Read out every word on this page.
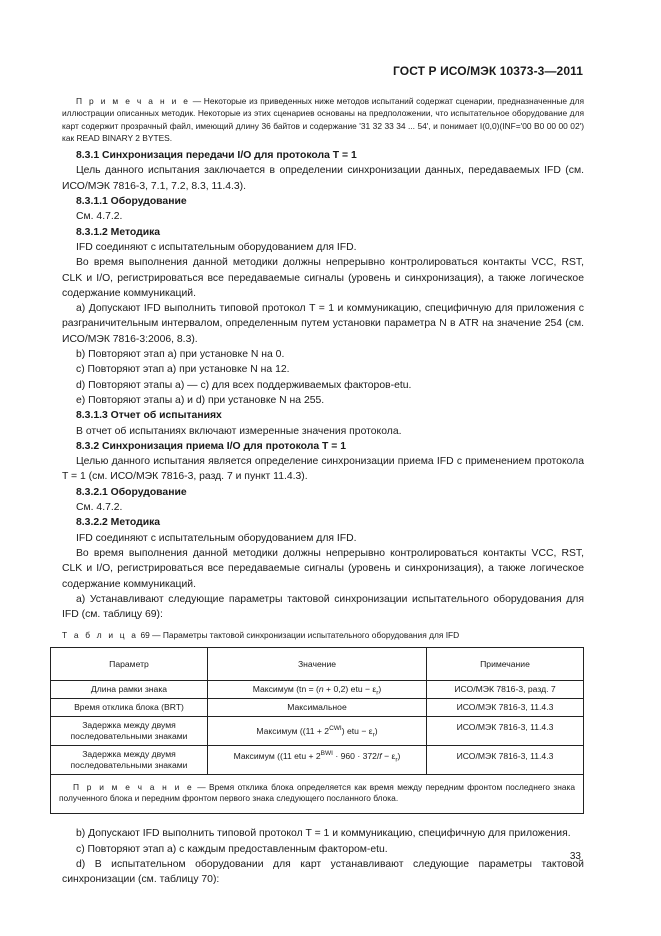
ГОСТ Р ИСО/МЭК 10373-3—2011

П р и м е ч а н и е — Некоторые из приведенных ниже методов испытаний содержат сценарии, предназначенные для иллюстрации описанных методик. Некоторые из этих сценариев основаны на предположении, что испытательное оборудование для карт содержит прозрачный файл, имеющий длину 36 байтов и содержание '31 32 33 34 ... 54', и понимает I(0,0)(INF='00 B0 00 00 02') как READ BINARY 2 BYTES.

8.3.1 Синхронизация передачи I/O для протокола T = 1

Цель данного испытания заключается в определении синхронизации данных, передаваемых IFD (см. ИСО/МЭК 7816-3, 7.1, 7.2, 8.3, 11.4.3).

8.3.1.1 Оборудование

См. 4.7.2.

8.3.1.2 Методика

IFD соединяют с испытательным оборудованием для IFD.

Во время выполнения данной методики должны непрерывно контролироваться контакты VCC, RST, CLK и I/O, регистрироваться все передаваемые сигналы (уровень и синхронизация), а также логическое содержание коммуникаций.

а) Допускают IFD выполнить типовой протокол T = 1 и коммуникацию, специфичную для приложения с разграничительным интервалом, определенным путем установки параметра N в ATR на значение 254 (см. ИСО/МЭК 7816-3:2006, 8.3).

b) Повторяют этап а) при установке N на 0.

c) Повторяют этап а) при установке N на 12.

d) Повторяют этапы а) — с) для всех поддерживаемых факторов-etu.

e) Повторяют этапы а) и d) при установке N на 255.

8.3.1.3 Отчет об испытаниях

В отчет об испытаниях включают измеренные значения протокола.

8.3.2 Синхронизация приема I/O для протокола T = 1

Целью данного испытания является определение синхронизации приема IFD с применением протокола T = 1 (см. ИСО/МЭК 7816-3, разд. 7 и пункт 11.4.3).

8.3.2.1 Оборудование

См. 4.7.2.

8.3.2.2 Методика

IFD соединяют с испытательным оборудованием для IFD.

Во время выполнения данной методики должны непрерывно контролироваться контакты VCC, RST, CLK и I/O, регистрироваться все передаваемые сигналы (уровень и синхронизация), а также логическое содержание коммуникаций.

а) Устанавливают следующие параметры тактовой синхронизации испытательного оборудования для IFD (см. таблицу 69):

Т а б л и ц а 69 — Параметры тактовой синхронизации испытательного оборудования для IFD

Параметр	Значение	Примечание
Длина рамки знака	Максимум (tn = (n + 0,2) etu − $\varepsilon_r$)	ИСО/МЭК 7816-3, разд. 7
Время отклика блока (BRT)	Максимальное	ИСО/МЭК 7816-3, 11.4.3
Задержка между двумя последовательными знаками	Максимум ($(11 + 2^{CWI})$ etu − $\varepsilon_r$)	ИСО/МЭК 7816-3, 11.4.3
Задержка между двумя последовательными знаками	Максимум ((11 etu + $2^{BWI} \cdot 960 \cdot 372/f - \varepsilon_r$)	ИСО/МЭК 7816-3, 11.4.3
П р и м е ч а н и е — Время отклика блока определяется как время между передним фронтом последнего знака полученного блока и передним фронтом первого знака следующего посланного блока.		

b) Допускают IFD выполнить типовой протокол T = 1 и коммуникацию, специфичную для приложения.

c) Повторяют этап а) с каждым предоставленным фактором-etu.

d) В испытательном оборудовании для карт устанавливают следующие параметры тактовой синхронизации (см. таблицу 70):

33
